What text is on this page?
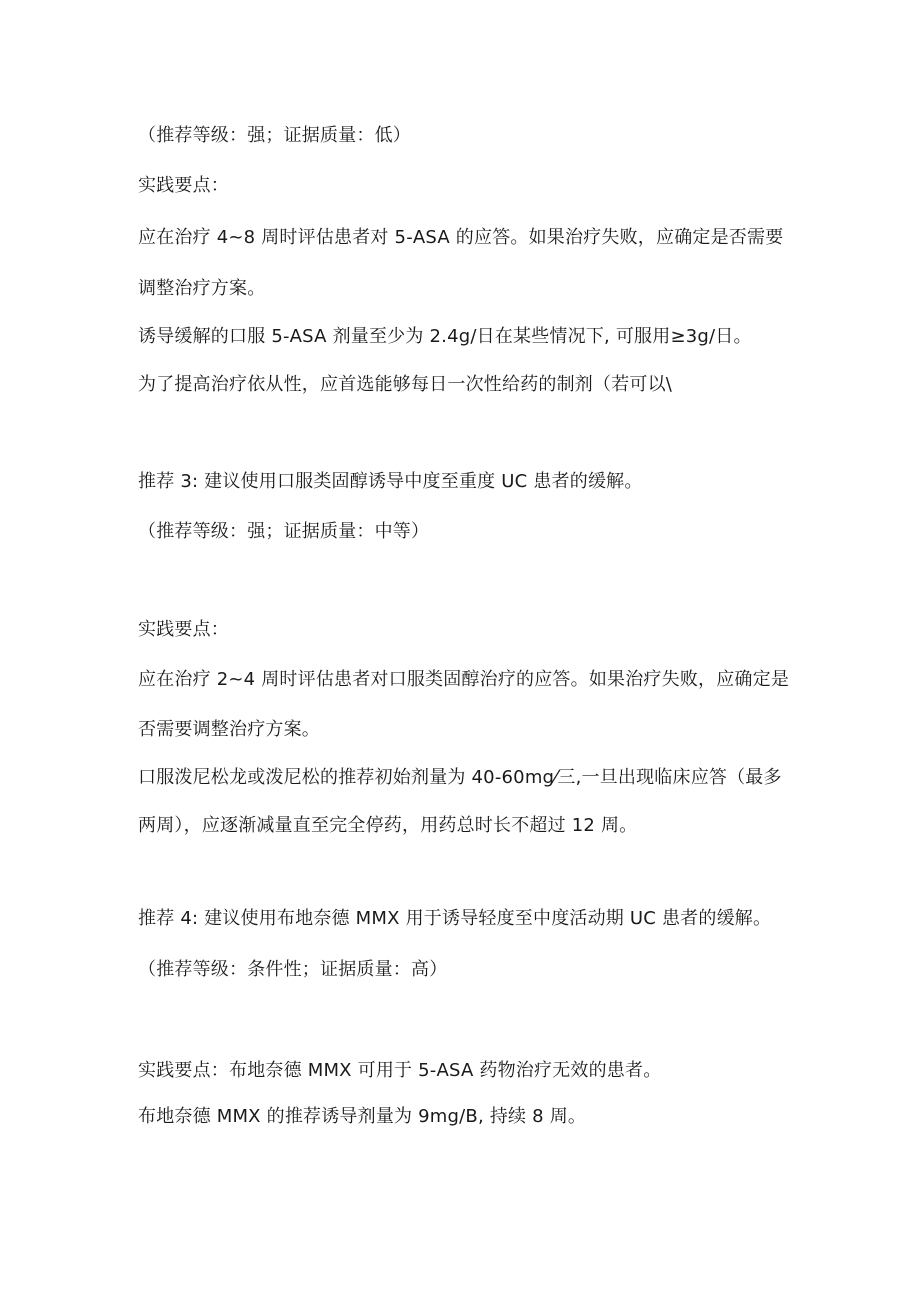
（推荐等级：强；证据质量：低）
实践要点：
应在治疗 4~8 周时评估患者对 5-ASA 的应答。如果治疗失败，应确定是否需要
调整治疗方案。
诱导缓解的口服 5-ASA 剂量至少为 2.4g/日在某些情况下, 可服用≥3g/日。
为了提高治疗依从性，应首选能够每日一次性给药的制剂（若可以\
推荐 3: 建议使用口服类固醇诱导中度至重度 UC 患者的缓解。
（推荐等级：强；证据质量：中等）
实践要点：
应在治疗 2~4 周时评估患者对口服类固醇治疗的应答。如果治疗失败，应确定是
否需要调整治疗方案。
口服泼尼松龙或泼尼松的推荐初始剂量为 40-60mg⁄三,一旦出现临床应答（最多
两周），应逐渐减量直至完全停药，用药总时长不超过 12 周。
推荐 4: 建议使用布地奈德 MMX 用于诱导轻度至中度活动期 UC 患者的缓解。
（推荐等级：条件性；证据质量：高）
实践要点：布地奈德 MMX 可用于 5-ASA 药物治疗无效的患者。
布地奈德 MMX 的推荐诱导剂量为 9mg/B, 持续 8 周。
